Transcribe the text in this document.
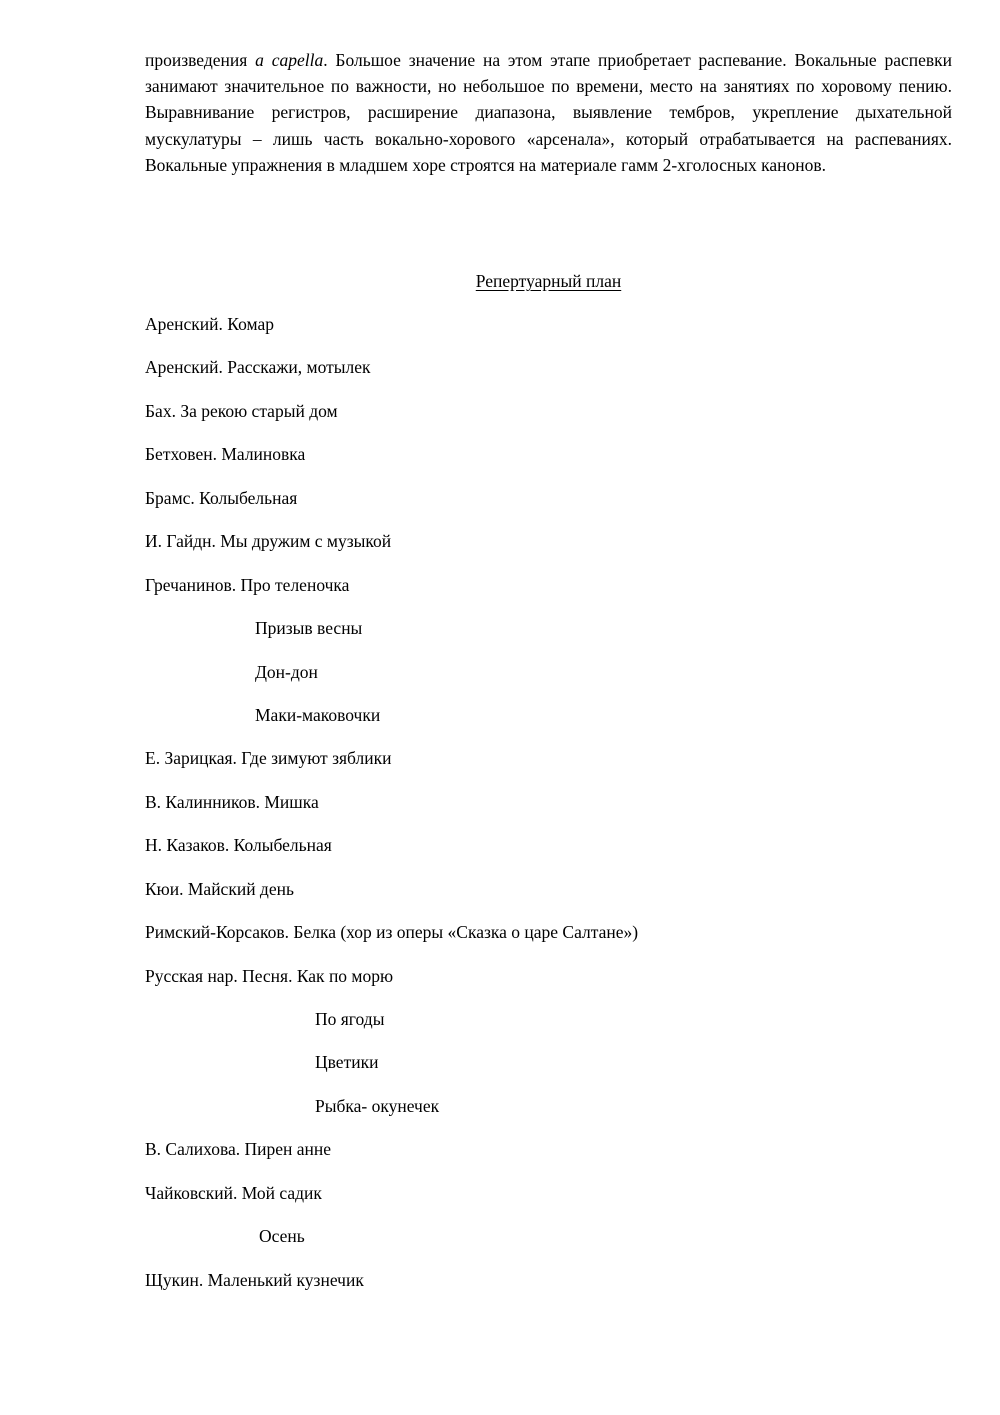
произведения a capella. Большое значение на этом этапе приобретает распевание. Вокальные распевки занимают значительное по важности, но небольшое по времени, место на занятиях по хоровому пению. Выравнивание регистров, расширение диапазона, выявление тембров, укрепление дыхательной мускулатуры – лишь часть вокально-хорового «арсенала», который отрабатывается на распеваниях. Вокальные упражнения в младшем хоре строятся на материале гамм 2-хголосных канонов.

Репертуарный план
Аренский. Комар
Аренский. Расскажи, мотылек
Бах. За рекою старый дом
Бетховен. Малиновка
Брамс. Колыбельная
И. Гайдн. Мы дружим с музыкой
Гречанинов. Про теленочка
Призыв весны
Дон-дон
Маки-маковочки
Е. Зарицкая. Где зимуют зяблики
В. Калинников. Мишка
Н. Казаков. Колыбельная
Кюи. Майский день
Римский-Корсаков. Белка (хор из оперы «Сказка о царе Салтане»)
Русская нар. Песня. Как по морю
По ягоды
Цветики
Рыбка- окунечек
В. Салихова. Пирен анне
Чайковский. Мой садик
Осень
Щукин. Маленький кузнечик
